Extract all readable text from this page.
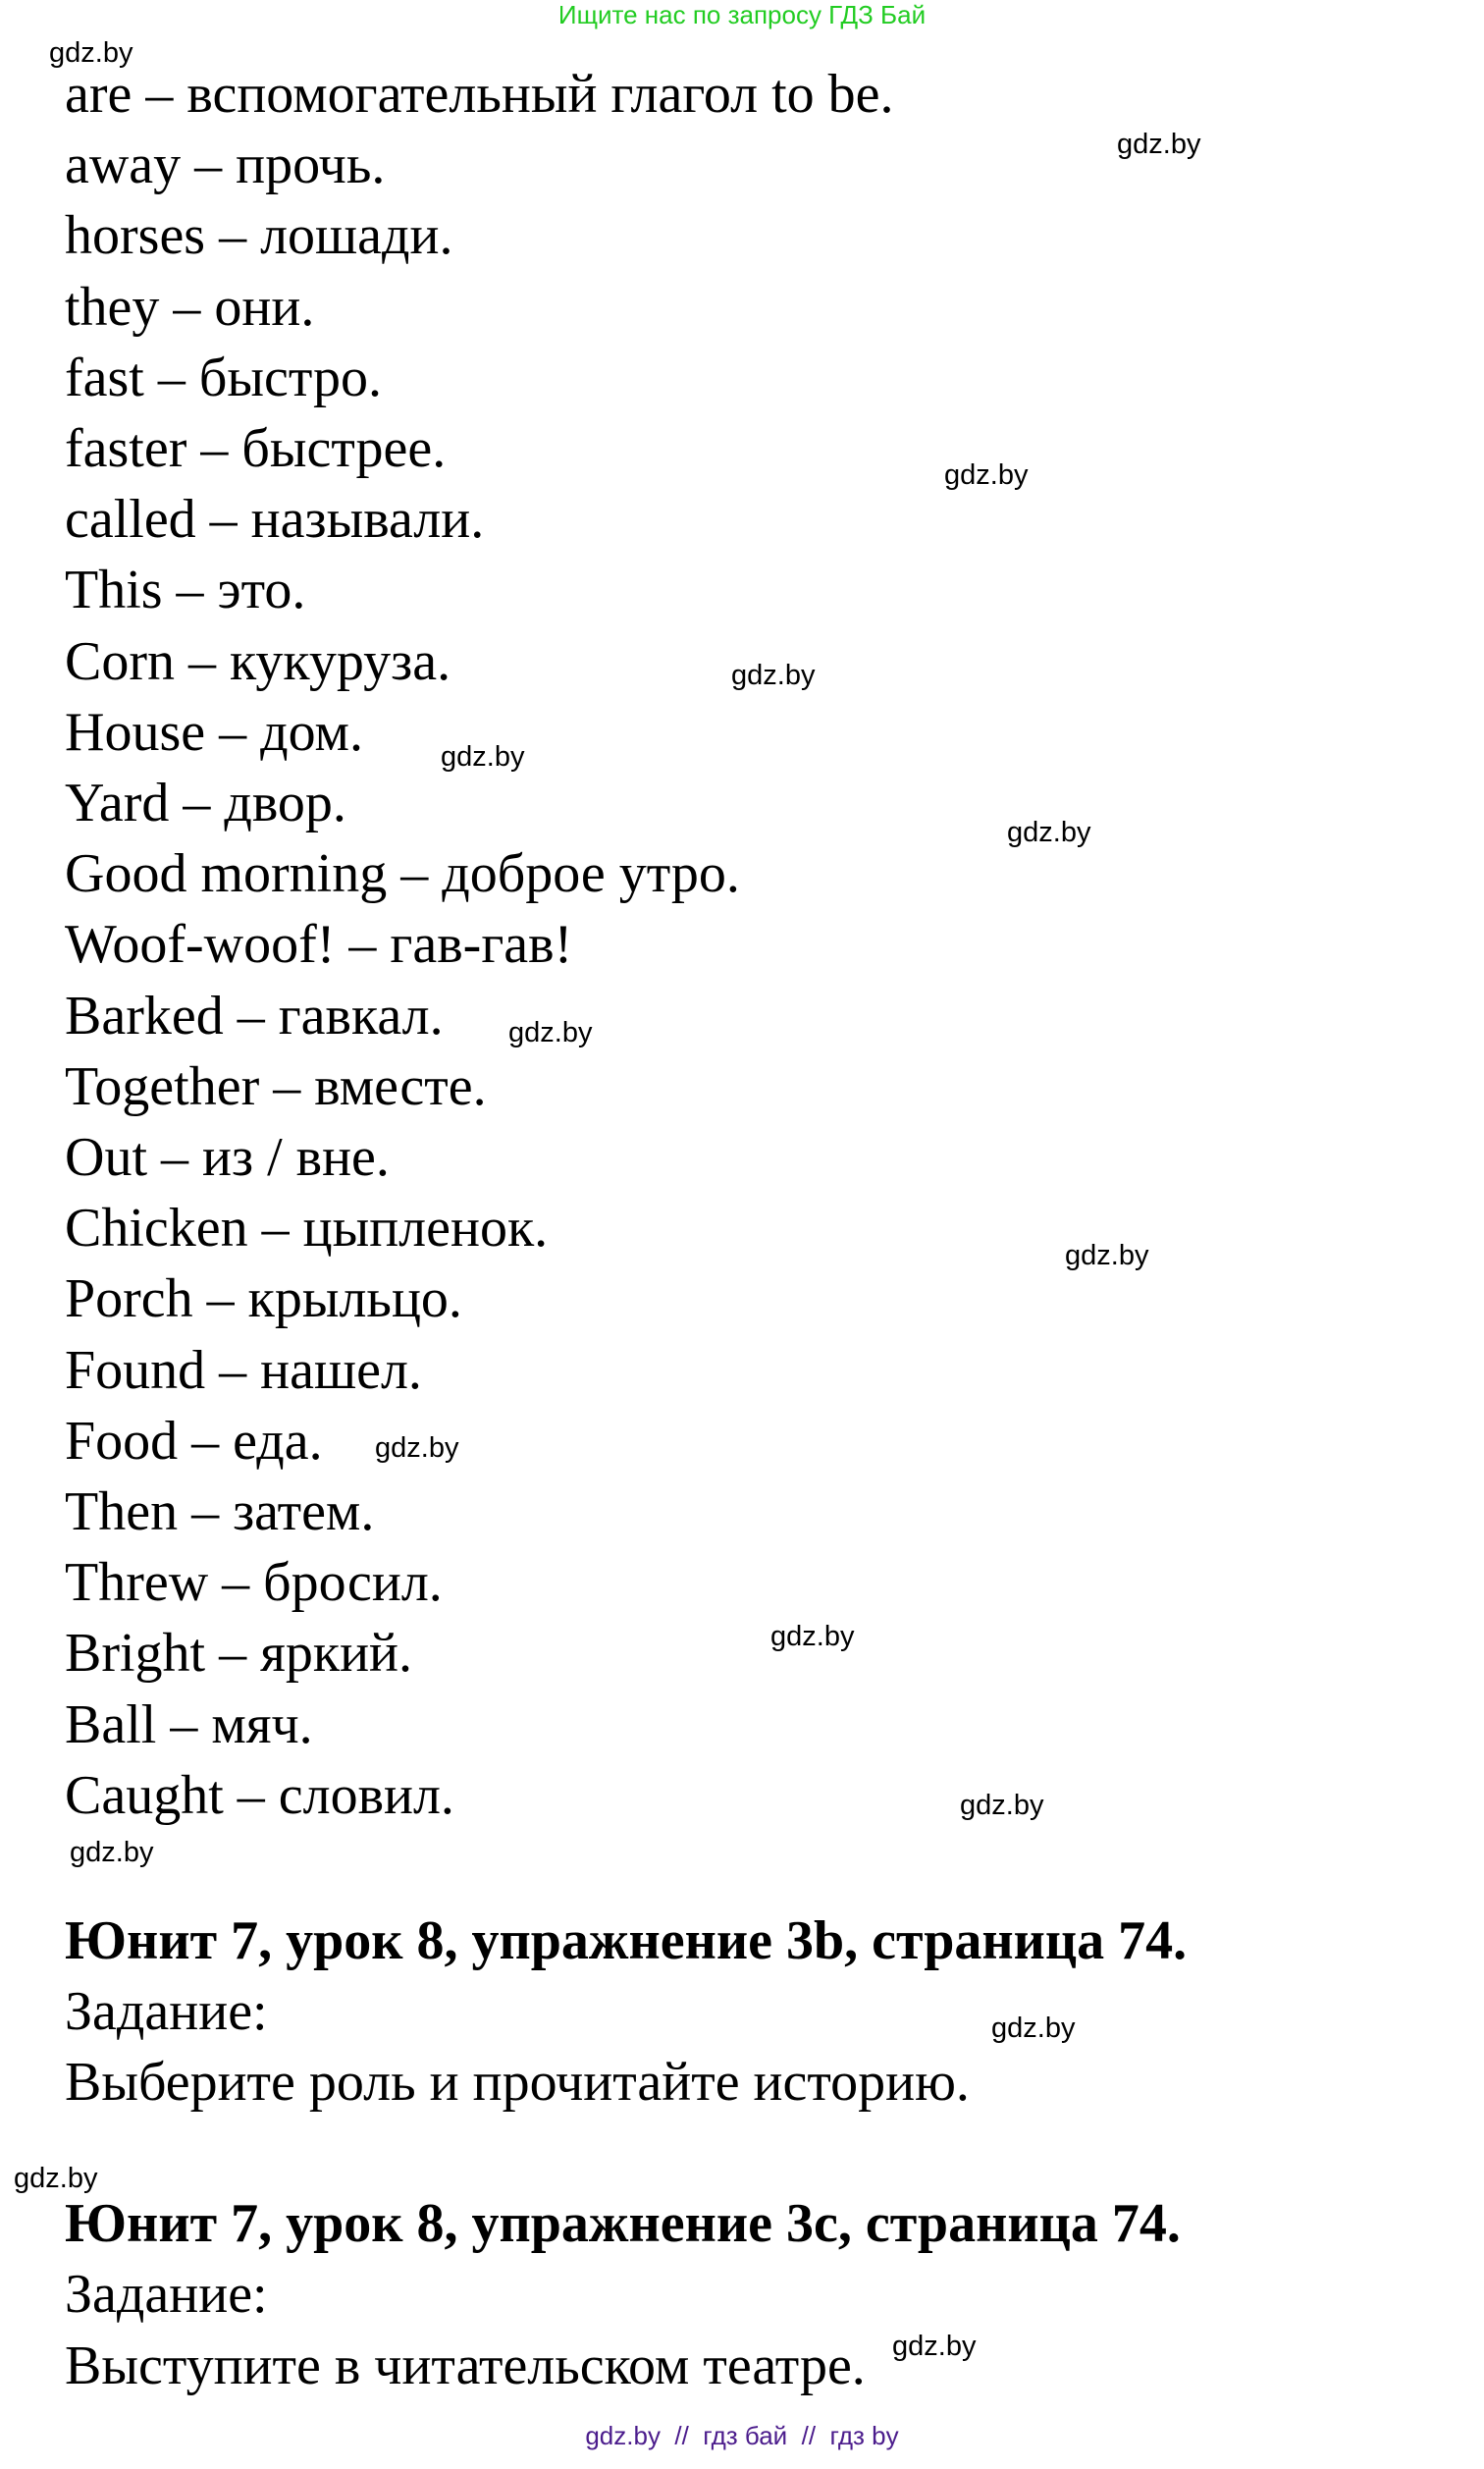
Ищите нас по запросу ГДЗ Бай
are – вспомогательный глагол to be.
away – прочь.
horses – лошади.
they – они.
fast – быстро.
faster – быстрее.
called – называли.
This – это.
Corn – кукуруза.
House – дом.
Yard – двор.
Good morning – доброе утро.
Woof-woof! – гав-гав!
Barked – гавкал.
Together – вместе.
Out – из / вне.
Chicken – цыпленок.
Porch – крыльцо.
Found – нашел.
Food – еда.
Then – затем.
Threw – бросил.
Bright – яркий.
Ball – мяч.
Caught – словил.
Юнит 7, урок 8, упражнение 3b, страница 74.
Задание:
Выберите роль и прочитайте историю.
Юнит 7, урок 8, упражнение 3c, страница 74.
Задание:
Выступите в читательском театре.
gdz.by
gdz.by
gdz.by
gdz.by
gdz.by
gdz.by
gdz.by
gdz.by
gdz.by
gdz.by
gdz.by
gdz.by
gdz.by
gdz.by
gdz.by
gdz.by  //  гдз бай  //  гдз by
